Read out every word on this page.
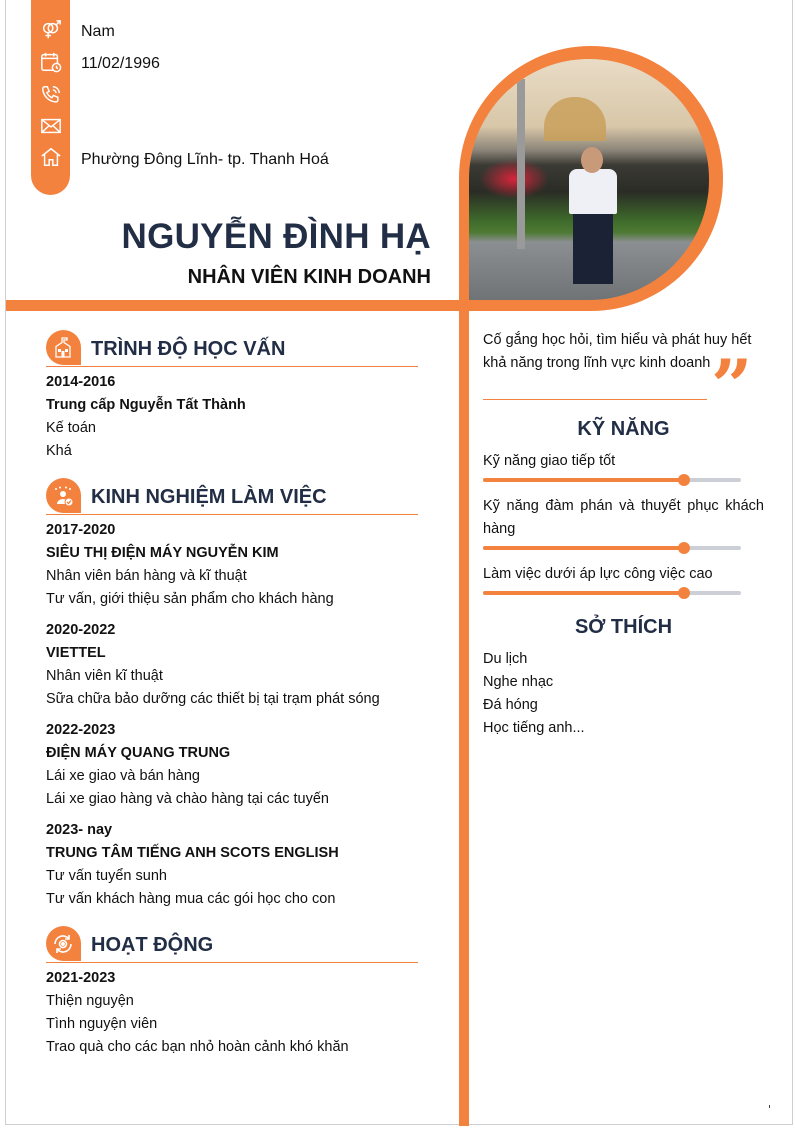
Nam
11/02/1996
Phường Đông Lĩnh- tp. Thanh Hoá
NGUYỄN ĐÌNH HẠ
NHÂN VIÊN KINH DOANH
TRÌNH ĐỘ HỌC VẤN
2014-2016
Trung cấp Nguyễn Tất Thành
Kế toán
Khá
KINH NGHIỆM LÀM VIỆC
2017-2020
SIÊU THỊ ĐIỆN MÁY NGUYỄN KIM
Nhân viên bán hàng và kĩ thuật
Tư vấn, giới thiệu sản phẩm cho khách hàng
2020-2022
VIETTEL
Nhân viên kĩ thuật
Sữa chữa bảo dưỡng các thiết bị tại trạm phát sóng
2022-2023
ĐIỆN MÁY QUANG TRUNG
Lái xe giao và bán hàng
Lái xe giao hàng và chào hàng tại các tuyến
2023- nay
TRUNG TÂM TIẾNG ANH SCOTS ENGLISH
Tư vấn tuyển sunh
Tư vấn khách hàng mua các gói học cho con
HOẠT ĐỘNG
2021-2023
Thiện nguyện
Tình nguyện viên
Trao quà cho các bạn nhỏ hoàn cảnh khó khăn
Cố gắng học hỏi, tìm hiểu và phát huy hết khả năng trong lĩnh vực kinh doanh ”
KỸ NĂNG
Kỹ năng giao tiếp tốt
Kỹ năng đàm phán và thuyết phục khách hàng
Làm việc dưới áp lực công việc cao
SỞ THÍCH
Du lịch
Nghe nhạc
Đá hóng
Học tiếng anh...
